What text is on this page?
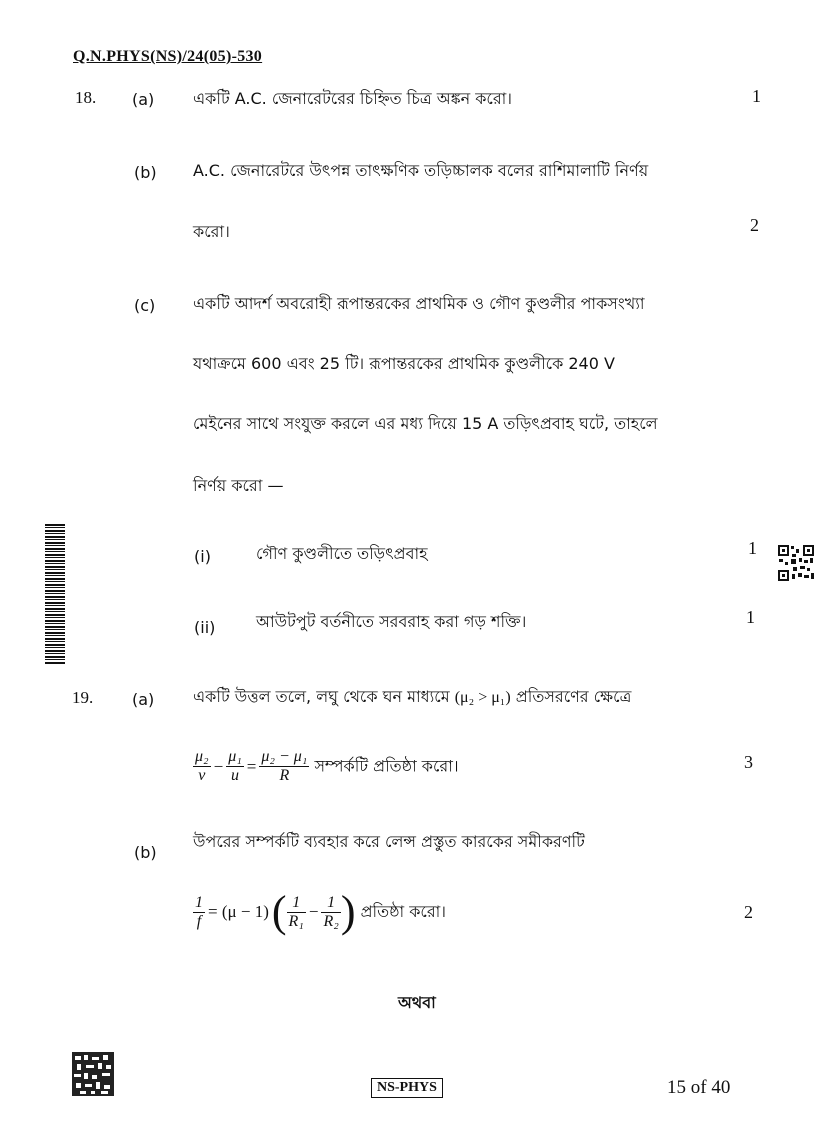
Q.N.PHYS(NS)/24(05)-530
18. (a) একটি A.C. জেনারেটরের চিহ্নিত চিত্র অঙ্কন করো।	1
(b) A.C. জেনারেটরে উৎপন্ন তাৎক্ষণিক তড়িচ্চালক বলের রাশিমালাটি নির্ণয়
করো।	2
(c) একটি আদর্শ অবরোহী রূপান্তরকের প্রাথমিক ও গৌণ কুণ্ডলীর পাকসংখ্যা
যথাক্রমে 600 এবং 25 টি। রূপান্তরকের প্রাথমিক কুণ্ডলীকে 240 V
মেইনের সাথে সংযুক্ত করলে এর মধ্য দিয়ে 15 A তড়িৎপ্রবাহ ঘটে, তাহলে
নির্ণয় করো —
(i)	গৌণ কুণ্ডলীতে তড়িৎপ্রবাহ	1
(ii)	আউটপুট বর্তনীতে সরবরাহ করা গড় শক্তি।	1
19. (a) একটি উত্তল তলে, লঘু থেকে ঘন মাধ্যমে (μ₂ > μ₁) প্রতিসরণের ক্ষেত্রে
$\frac{\text{μ₂}}{v} - \frac{\text{μ₁}}{u} = \frac{\text{μ₂ − μ₁}}{R}$ সম্পর্কটি প্রতিষ্ঠা করো।	3
(b)
উপরের সম্পর্কটি ব্যবহার করে লেন্স প্রস্তুত কারকের সমীকরণটি
$\frac{1}{f} = (\mu - 1)( \frac{1}{\text{R₁}} - \frac{1}{\text{R₂}}$ ) প্রতিষ্ঠা করো।	2
অথবা
NS-PHYS	15 of 40
